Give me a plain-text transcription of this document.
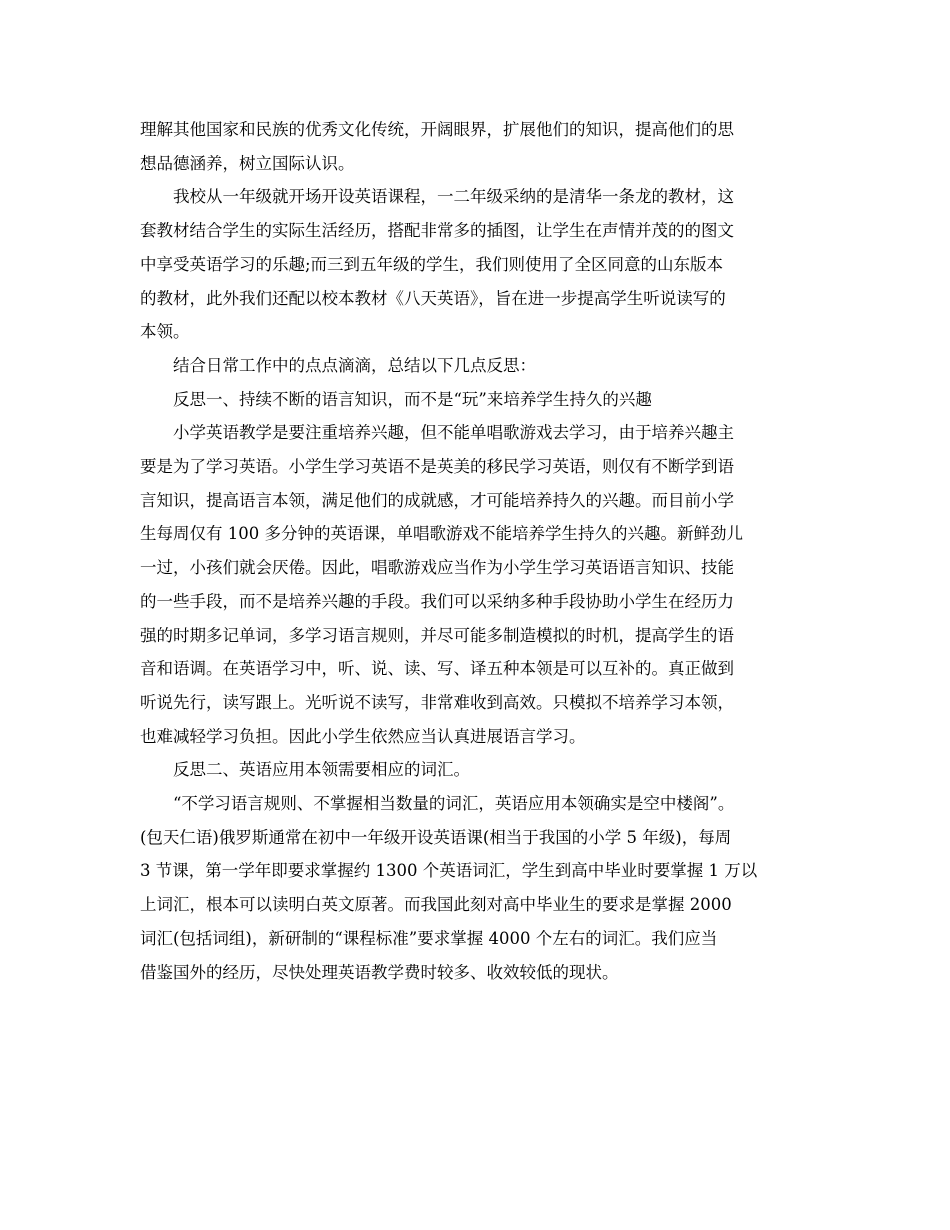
理解其他国家和民族的优秀文化传统，开阔眼界，扩展他们的知识，提高他们的思
想品德涵养，树立国际认识。

我校从一年级就开场开设英语课程，一二年级采纳的是清华一条龙的教材，这
套教材结合学生的实际生活经历，搭配非常多的插图，让学生在声情并茂的的图文
中享受英语学习的乐趣;而三到五年级的学生，我们则使用了全区同意的山东版本
的教材，此外我们还配以校本教材《八天英语》，旨在进一步提高学生听说读写的
本领。

结合日常工作中的点点滴滴，总结以下几点反思：

反思一、持续不断的语言知识，而不是“玩”来培养学生持久的兴趣

小学英语教学是要注重培养兴趣，但不能单唱歌游戏去学习，由于培养兴趣主
要是为了学习英语。小学生学习英语不是英美的移民学习英语，则仅有不断学到语
言知识，提高语言本领，满足他们的成就感，才可能培养持久的兴趣。而目前小学
生每周仅有 100 多分钟的英语课，单唱歌游戏不能培养学生持久的兴趣。新鲜劲儿
一过，小孩们就会厌倦。因此，唱歌游戏应当作为小学生学习英语语言知识、技能
的一些手段，而不是培养兴趣的手段。我们可以采纳多种手段协助小学生在经历力
强的时期多记单词，多学习语言规则，并尽可能多制造模拟的时机，提高学生的语
音和语调。在英语学习中，听、说、读、写、译五种本领是可以互补的。真正做到
听说先行，读写跟上。光听说不读写，非常难收到高效。只模拟不培养学习本领，
也难减轻学习负担。因此小学生依然应当认真进展语言学习。

反思二、英语应用本领需要相应的词汇。

“不学习语言规则、不掌握相当数量的词汇，英语应用本领确实是空中楼阁”。
(包天仁语)俄罗斯通常在初中一年级开设英语课(相当于我国的小学 5 年级)，每周
3 节课，第一学年即要求掌握约 1300 个英语词汇，学生到高中毕业时要掌握 1 万以
上词汇，根本可以读明白英文原著。而我国此刻对高中毕业生的要求是掌握 2000
词汇(包括词组)，新研制的“课程标准”要求掌握 4000 个左右的词汇。我们应当
借鉴国外的经历，尽快处理英语教学费时较多、收效较低的现状。
